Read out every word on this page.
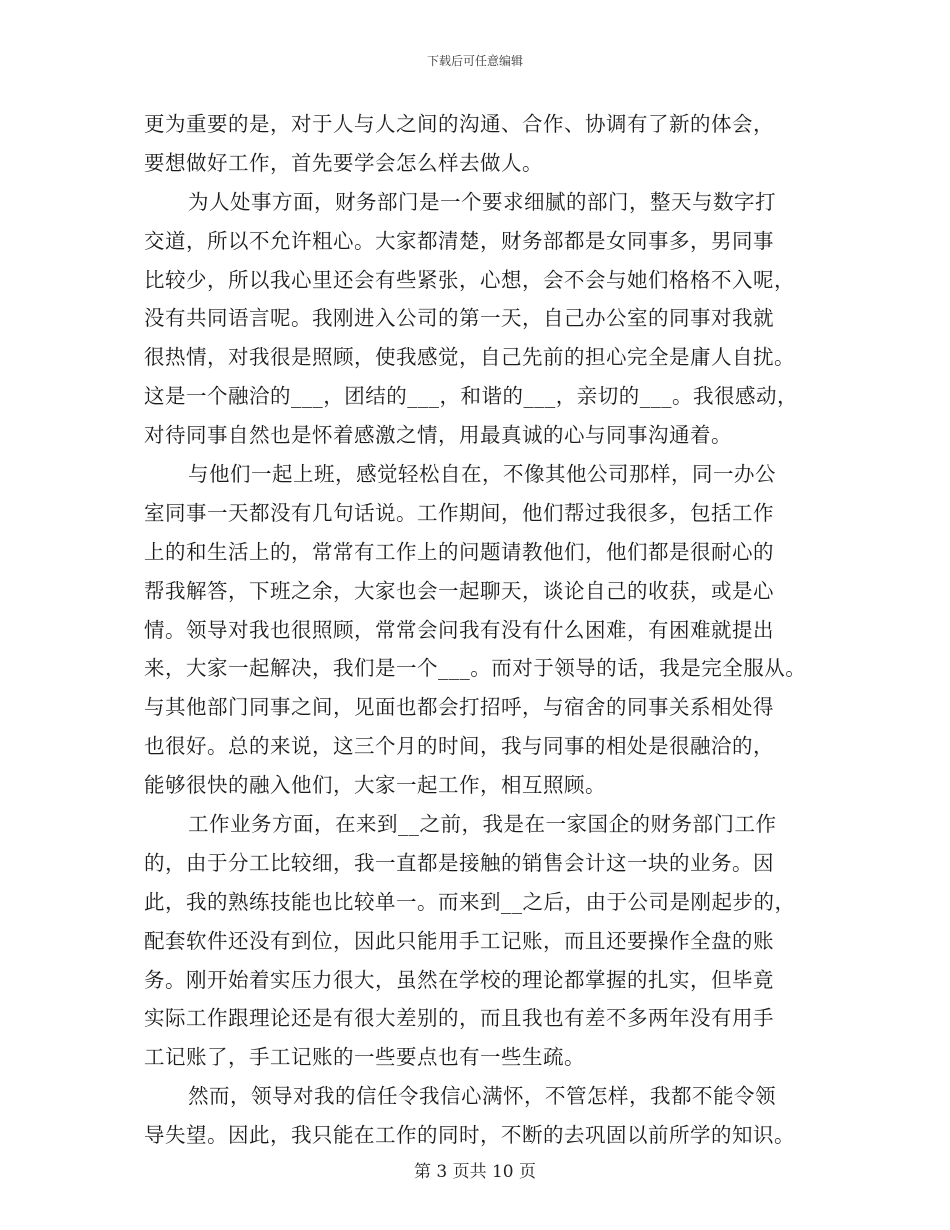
下载后可任意编辑
更为重要的是，对于人与人之间的沟通、合作、协调有了新的体会，
要想做好工作，首先要学会怎么样去做人。
为人处事方面，财务部门是一个要求细腻的部门，整天与数字打
交道，所以不允许粗心。大家都清楚，财务部都是女同事多，男同事
比较少，所以我心里还会有些紧张，心想，会不会与她们格格不入呢，
没有共同语言呢。我刚进入公司的第一天，自己办公室的同事对我就
很热情，对我很是照顾，使我感觉，自己先前的担心完全是庸人自扰。
这是一个融洽的___，团结的___，和谐的___，亲切的___。我很感动，
对待同事自然也是怀着感激之情，用最真诚的心与同事沟通着。
与他们一起上班，感觉轻松自在，不像其他公司那样，同一办公
室同事一天都没有几句话说。工作期间，他们帮过我很多，包括工作
上的和生活上的，常常有工作上的问题请教他们，他们都是很耐心的
帮我解答，下班之余，大家也会一起聊天，谈论自己的收获，或是心
情。领导对我也很照顾，常常会问我有没有什么困难，有困难就提出
来，大家一起解决，我们是一个___。而对于领导的话，我是完全服从。
与其他部门同事之间，见面也都会打招呼，与宿舍的同事关系相处得
也很好。总的来说，这三个月的时间，我与同事的相处是很融洽的，
能够很快的融入他们，大家一起工作，相互照顾。
工作业务方面，在来到__之前，我是在一家国企的财务部门工作
的，由于分工比较细，我一直都是接触的销售会计这一块的业务。因
此，我的熟练技能也比较单一。而来到__之后，由于公司是刚起步的，
配套软件还没有到位，因此只能用手工记账，而且还要操作全盘的账
务。刚开始着实压力很大，虽然在学校的理论都掌握的扎实，但毕竟
实际工作跟理论还是有很大差别的，而且我也有差不多两年没有用手
工记账了，手工记账的一些要点也有一些生疏。
然而，领导对我的信任令我信心满怀，不管怎样，我都不能令领
导失望。因此，我只能在工作的同时，不断的去巩固以前所学的知识。
第 3 页共 10 页
